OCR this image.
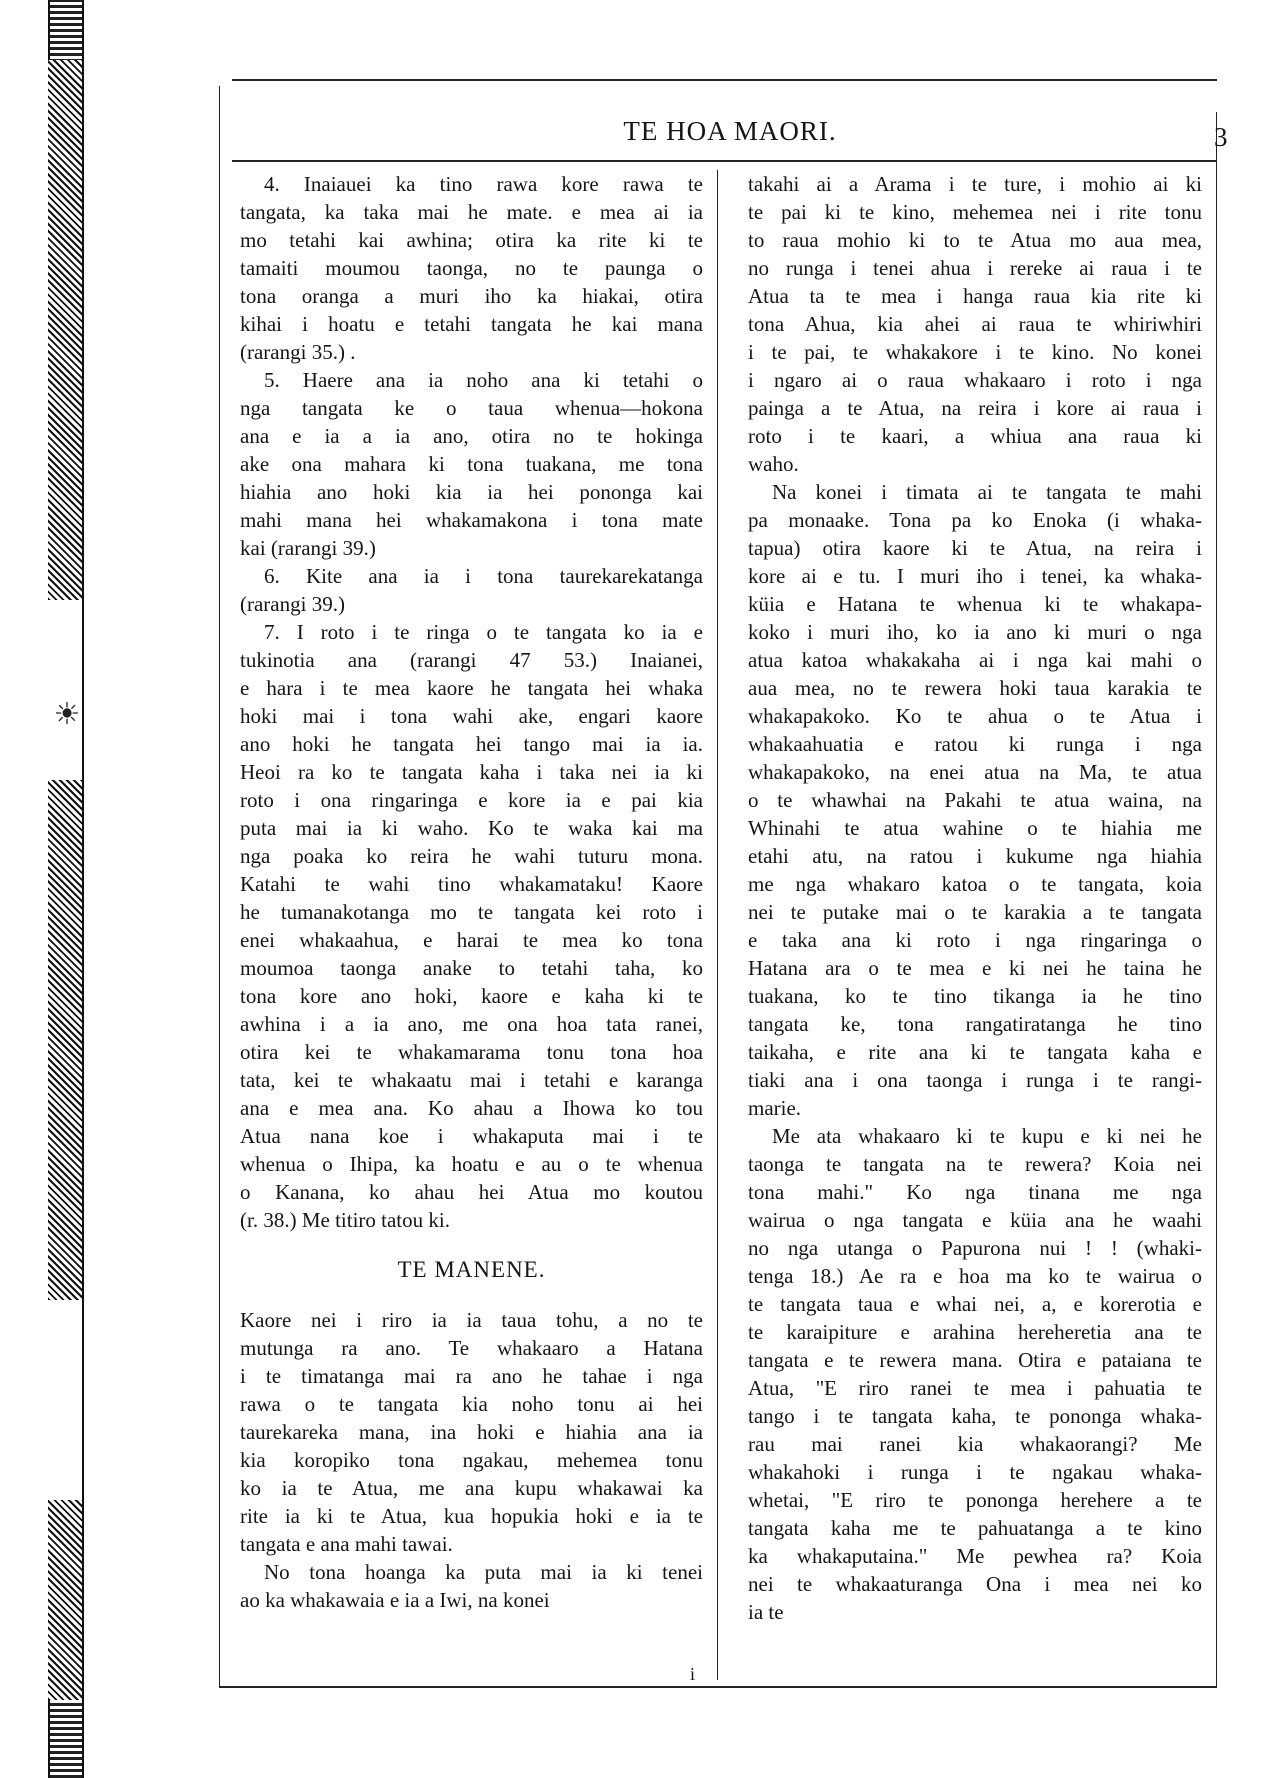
☀
TE HOA MAORI.	3
4. Inaiauei ka tino rawa kore rawa te
tangata, ka taka mai he mate. e mea ai ia
mo tetahi kai awhina; otira ka rite ki te
tamaiti moumou taonga, no te paunga o
tona oranga a muri iho ka hiakai, otira
kihai i hoatu e tetahi tangata he kai mana
(rarangi 35.) .
5. Haere ana ia noho ana ki tetahi o
nga tangata ke o taua whenua—hokona
ana e ia a ia ano, otira no te hokinga
ake ona mahara ki tona tuakana, me tona
hiahia ano hoki kia ia hei pononga kai
mahi mana hei whakamakona i tona mate
kai (rarangi 39.)
6. Kite ana ia i tona taurekarekatanga
(rarangi 39.)
7. I roto i te ringa o te tangata ko ia e
tukinotia ana (rarangi 47 53.) Inaianei,
e hara i te mea kaore he tangata hei whaka
hoki mai i tona wahi ake, engari kaore
ano hoki he tangata hei tango mai ia ia.
Heoi ra ko te tangata kaha i taka nei ia ki
roto i ona ringaringa e kore ia e pai kia
puta mai ia ki waho. Ko te waka kai ma
nga poaka ko reira he wahi tuturu mona.
Katahi te wahi tino whakamataku! Kaore
he tumanakotanga mo te tangata kei roto i
enei whakaahua, e harai te mea ko tona
moumoa taonga anake to tetahi taha, ko
tona kore ano hoki, kaore e kaha ki te
awhina i a ia ano, me ona hoa tata ranei,
otira kei te whakamarama tonu tona hoa
tata, kei te whakaatu mai i tetahi e karanga
ana e mea ana. Ko ahau a Ihowa ko tou
Atua nana koe i whakaputa mai i te
whenua o Ihipa, ka hoatu e au o te whenua
o Kanana, ko ahau hei Atua mo koutou
(r. 38.) Me titiro tatou ki.
TE MANENE.
Kaore nei i riro ia ia taua tohu, a no te
mutunga ra ano. Te whakaaro a Hatana
i te timatanga mai ra ano he tahae i nga
rawa o te tangata kia noho tonu ai hei
taurekareka mana, ina hoki e hiahia ana ia
kia koropiko tona ngakau, mehemea tonu
ko ia te Atua, me ana kupu whakawai ka
rite ia ki te Atua, kua hopukia hoki e ia te
tangata e ana mahi tawai.
No tona hoanga ka puta mai ia ki tenei
ao ka whakawaia e ia a Iwi, na konei
i
takahi ai a Arama i te ture, i mohio ai ki
te pai ki te kino, mehemea nei i rite tonu
to raua mohio ki to te Atua mo aua mea,
no runga i tenei ahua i rereke ai raua i te
Atua ta te mea i hanga raua kia rite ki
tona Ahua, kia ahei ai raua te whiriwhiri
i te pai, te whakakore i te kino. No konei
i ngaro ai o raua whakaaro i roto i nga
painga a te Atua, na reira i kore ai raua i
roto i te kaari, a whiua ana raua ki
waho.
Na konei i timata ai te tangata te mahi
pa monaake. Tona pa ko Enoka (i whaka-
tapua) otira kaore ki te Atua, na reira i
kore ai e tu. I muri iho i tenei, ka whaka-
küia e Hatana te whenua ki te whakapa-
koko i muri iho, ko ia ano ki muri o nga
atua katoa whakakaha ai i nga kai mahi o
aua mea, no te rewera hoki taua karakia te
whakapakoko. Ko te ahua o te Atua i
whakaahuatia e ratou ki runga i nga
whakapakoko, na enei atua na Ma, te atua
o te whawhai na Pakahi te atua waina, na
Whinahi te atua wahine o te hiahia me
etahi atu, na ratou i kukume nga hiahia
me nga whakaro katoa o te tangata, koia
nei te putake mai o te karakia a te tangata
e taka ana ki roto i nga ringaringa o
Hatana ara o te mea e ki nei he taina he
tuakana, ko te tino tikanga ia he tino
tangata ke, tona rangatiratanga he tino
taikaha, e rite ana ki te tangata kaha e
tiaki ana i ona taonga i runga i te rangi-
marie.
Me ata whakaaro ki te kupu e ki nei he
taonga te tangata na te rewera? Koia nei
tona mahi." Ko nga tinana me nga
wairua o nga tangata e küia ana he waahi
no nga utanga o Papurona nui ! ! (whaki-
tenga 18.) Ae ra e hoa ma ko te wairua o
te tangata taua e whai nei, a, e korerotia e
te karaipiture e arahina hereheretia ana te
tangata e te rewera mana. Otira e pataiana te
Atua, "E riro ranei te mea i pahuatia te
tango i te tangata kaha, te pononga whaka-
rau mai ranei kia whakaorangi? Me
whakahoki i runga i te ngakau whaka-
whetai, "E riro te pononga herehere a te
tangata kaha me te pahuatanga a te kino
ka whakaputaina." Me pewhea ra? Koia
nei te whakaaturanga Ona i mea nei ko
ia te
